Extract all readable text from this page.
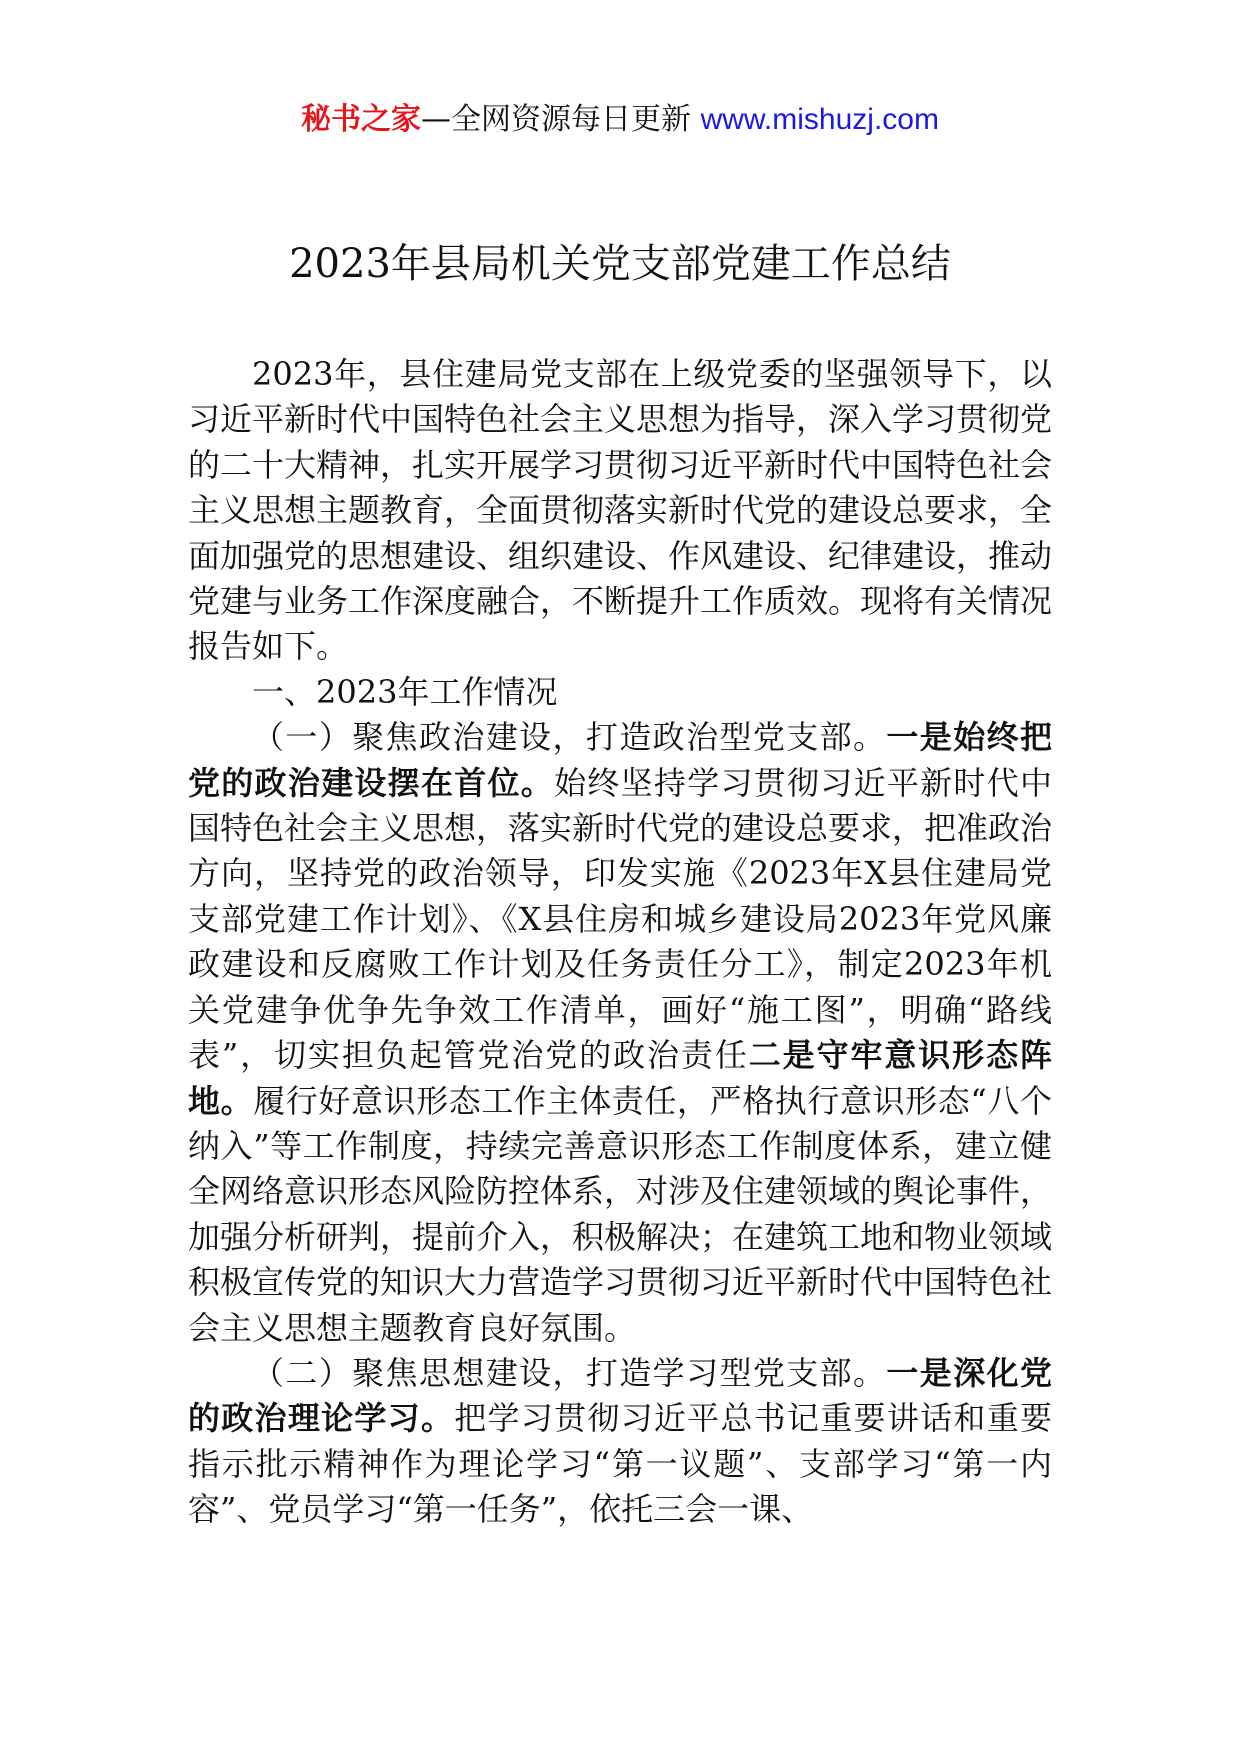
秘书之家—全网资源每日更新 www.mishuzj.com
2023年县局机关党支部党建工作总结

2023年，县住建局党支部在上级党委的坚强领导下，以习近平新时代中国特色社会主义思想为指导，深入学习贯彻党的二十大精神，扎实开展学习贯彻习近平新时代中国特色社会主义思想主题教育，全面贯彻落实新时代党的建设总要求，全面加强党的思想建设、组织建设、作风建设、纪律建设，推动党建与业务工作深度融合，不断提升工作质效。现将有关情况报告如下。

一、2023年工作情况

（一）聚焦政治建设，打造政治型党支部。一是始终把党的政治建设摆在首位。始终坚持学习贯彻习近平新时代中国特色社会主义思想，落实新时代党的建设总要求，把准政治方向，坚持党的政治领导，印发实施《2023年X县住建局党支部党建工作计划》、《X县住房和城乡建设局2023年党风廉政建设和反腐败工作计划及任务责任分工》，制定2023年机关党建争优争先争效工作清单，画好“施工图”，明确“路线表”，切实担负起管党治党的政治责任二是守牢意识形态阵地。履行好意识形态工作主体责任，严格执行意识形态“八个纳入”等工作制度，持续完善意识形态工作制度体系，建立健全网络意识形态风险防控体系，对涉及住建领域的舆论事件，加强分析研判，提前介入，积极解决；在建筑工地和物业领域积极宣传党的知识大力营造学习贯彻习近平新时代中国特色社会主义思想主题教育良好氛围。

（二）聚焦思想建设，打造学习型党支部。一是深化党的政治理论学习。把学习贯彻习近平总书记重要讲话和重要指示批示精神作为理论学习“第一议题”、支部学习“第一内容”、党员学习“第一任务”，依托三会一课、
